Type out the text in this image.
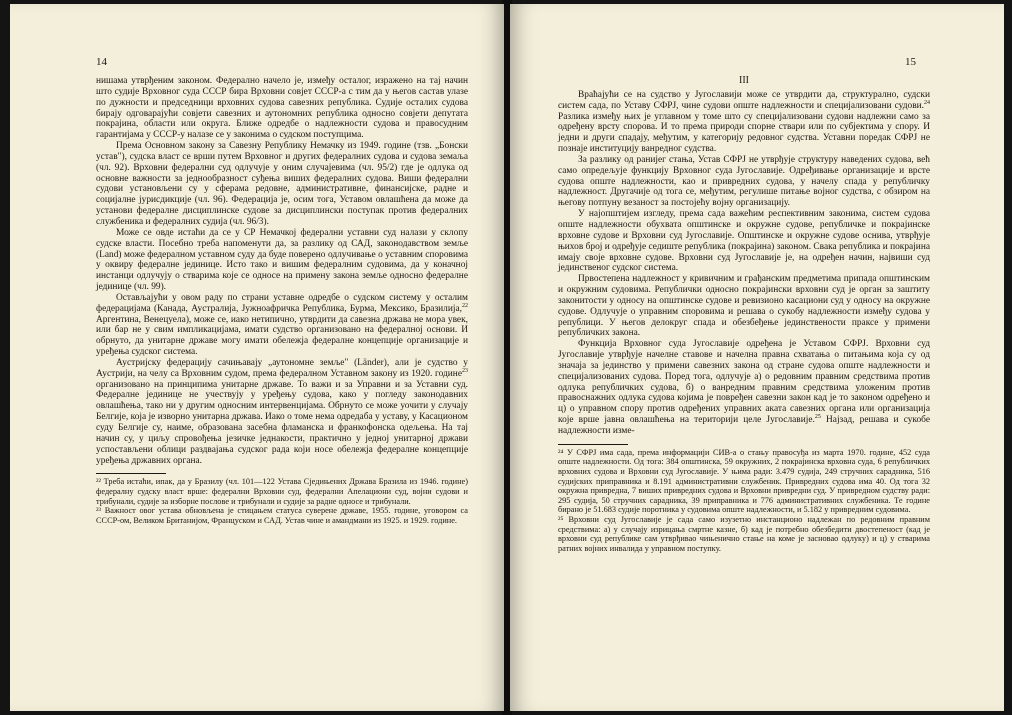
14

нишама утврђеним законом. Федерално начело је, између осталог, изражено на тај начин што судије Врховног суда СССР бира Врховни совјет СССР-а с тим да у његов састав улазе по дужности и председници врховних судова савезних република. Судије осталих судова бирају одговарајући совјети савезних и аутономних република односно совјети депутата покрајина, области или округа. Ближе одредбе о надлежности судова и правосудним гарантијама у СССР-у налазе се у законима о судском поступцима.

Према Основном закону за Савезну Републику Немачку из 1949. године (тзв. „Бонски устав"), судска власт се врши путем Врховног и других федералних судова и судова земаља (чл. 92). Врховни федерални суд одлучује у оним случајевима (чл. 95/2) где је одлука од основне важности за једнообразност суђења виших федералних судова. Виши федерални судови установљени су у сферама редовне, административне, финансијске, радне и социјалне јурисдикције (чл. 96). Федерација је, осим тога, Уставом овлашћена да може да установи федералне дисциплинске судове за дисциплински поступак против федералних службеника и федералних судија (чл. 96/3).

Може се овде истаћи да се у СР Немачкој федерални уставни суд налази у склопу судске власти. Посебно треба напоменути да, за разлику од САД, законодавством земље (Land) може федералном уставном суду да буде поверено одлучивање о уставним споровима у оквиру федералне јединице. Исто тако и вишим федералним судовима, да у коначној инстанци одлучују о стварима које се односе на примену закона земље односно федералне јединице (чл. 99).

Остављајући у овом раду по страни уставне одредбе о судском систему у осталим федерацијама (Канада, Аустралија, Јужноафричка Република, Бурма, Мексико, Бразилија,$^{22}$ Аргентина, Венецуела), може се, иако нетипично, утврдити да савезна држава не мора увек, или бар не у свим импликацијама, имати судство организовано на федералној основи. И обрнуто, да унитарне државе могу имати обележја федералне концепције организације и уређења судског система.

Аустријску федерацију сачињавају „аутономне земље" (Länder), али је судство у Аустрији, на челу са Врховним судом, према федералном Уставном закону из 1920. године$^{23}$ организовано на принципима унитарне државе. То важи и за Управни и за Уставни суд. Федералне јединице не учествују у уређењу судова, како у погледу законодавних овлашћења, тако ни у другим односним интервенцијама. Обрнуто се може уочити у случају Белгије, која је изворно унитарна држава. Иако о томе нема одредаба у уставу, у Касационом суду Белгије су, наиме, образована засебна фламанска и франкофонска одељења. На тај начин су, у циљу спровођења језичке једнакости, практично у једној унитарној држави успостављени облици раздвајања судског рада који носе обележја федералне концепције уређења државних органа.

²² Треба истаћи, ипак, да у Бразилу (чл. 101—122 Устава Сједињених Држава Бразила из 1946. године) федералну судску власт врше: федерални Врховни суд, федерални Апелациони суд, војни судови и трибунали, судије за изборне послове и трибунали и судије за радне односе и трибунали.

²³ Важност овог устава обновљена је стицањем статуса суверене државе, 1955. године, уговором са СССР-ом, Великом Британијом, Француском и САД. Устав чине и амандмани из 1925. и 1929. године.

15
III

Враћајући се на судство у Југославији може се утврдити да, структурално, судски систем сада, по Уставу СФРЈ, чине судови опште надлежности и специјализовани судови.$^{24}$ Разлика између њих је углавном у томе што су специјализовани судови надлежни само за одређену врсту спорова. И то према природи спорне ствари или по субјектима у спору. И једни и други спадају, међутим, у категорију редовног судства. Уставни поредак СФРЈ не познаје институцију ванредног судства.

За разлику од ранијег стања, Устав СФРЈ не утврђује структуру наведених судова, већ само опредељује функцију Врховног суда Југославије. Одређивање организације и врсте судова опште надлежности, као и привредних судова, у начелу спада у републичку надлежност. Другачије од тога се, међутим, регулише питање војног судства, с обзиром на његову потпуну везаност за постојећу војну организацију.

У најопштијем изгледу, према сада важећим респективним законима, систем судова опште надлежности обухвата општинске и окружне судове, републичке и покрајинске врховне судове и Врховни суд Југославије. Општинске и окружне судове оснива, утврђује њихов број и одређује седиште република (покрајина) законом. Свака република и покрајина имају своје врховне судове. Врховни суд Југославије је, на одређен начин, највиши суд јединственог судског система.

Првостепена надлежност у кривичним и грађанским предметима припада општинским и окружним судовима. Републички односно покрајински врховни суд је орган за заштиту законитости у односу на општинске судове и ревизионо касациони суд у односу на окружне судове. Одлучује о управним споровима и решава о сукобу надлежности између судова у републици. У његов делокруг спада и обезбеђење јединствености праксе у примени републичких закона.

Функција Врховног суда Југославије одређена је Уставом СФРЈ. Врховни суд Југославије утврђује начелне ставове и начелна правна схватања о питањима која су од значаја за јединство у примени савезних закона од стране судова опште надлежности и специјализованих судова. Поред тога, одлучује а) о редовним правним средствима против одлука републичких судова, б) о ванредним правним средствима уложеним против правоснажних одлука судова којима је повређен савезни закон кад је то законом одређено и ц) о управном спору против одређених управних аката савезних органа или организација које врше јавна овлашћења на територији целе Југославије.$^{25}$ Најзад, решава и сукобе надлежности изме-

²⁴ У СФРЈ има сада, према информацији СИВ-а о стању правосуђа из марта 1970. године, 452 суда опште надлежности. Од тога: 384 општинска, 59 окружних, 2 покрајинска врховна суда, 6 републичких врховних судова и Врховни суд Југославије. У њима ради: 3.479 судија, 249 стручних сарадника, 516 судијских приправника и 8.191 административни службеник. Привредних судова има 40. Од тога 32 окружна привредна, 7 виших привредних судова и Врховни привредни суд. У привредном судству ради: 295 судија, 50 стручних сарадника, 39 приправника и 776 административних службеника. Те године бирано је 51.683 судије поротника у судовима опште надлежности, и 5.182 у привредним судовима.

²⁵ Врховни суд Југославије је сада само изузетно инстанционо надлежан по редовним правним средствима: а) у случају изрицања смртне казне, б) кад је потребно обезбедити двостепеност (кад је врховни суд републике сам утврђивао чињенично стање на коме је засновао одлуку) и ц) у стварима ратних војних инвалида у управном поступку.
